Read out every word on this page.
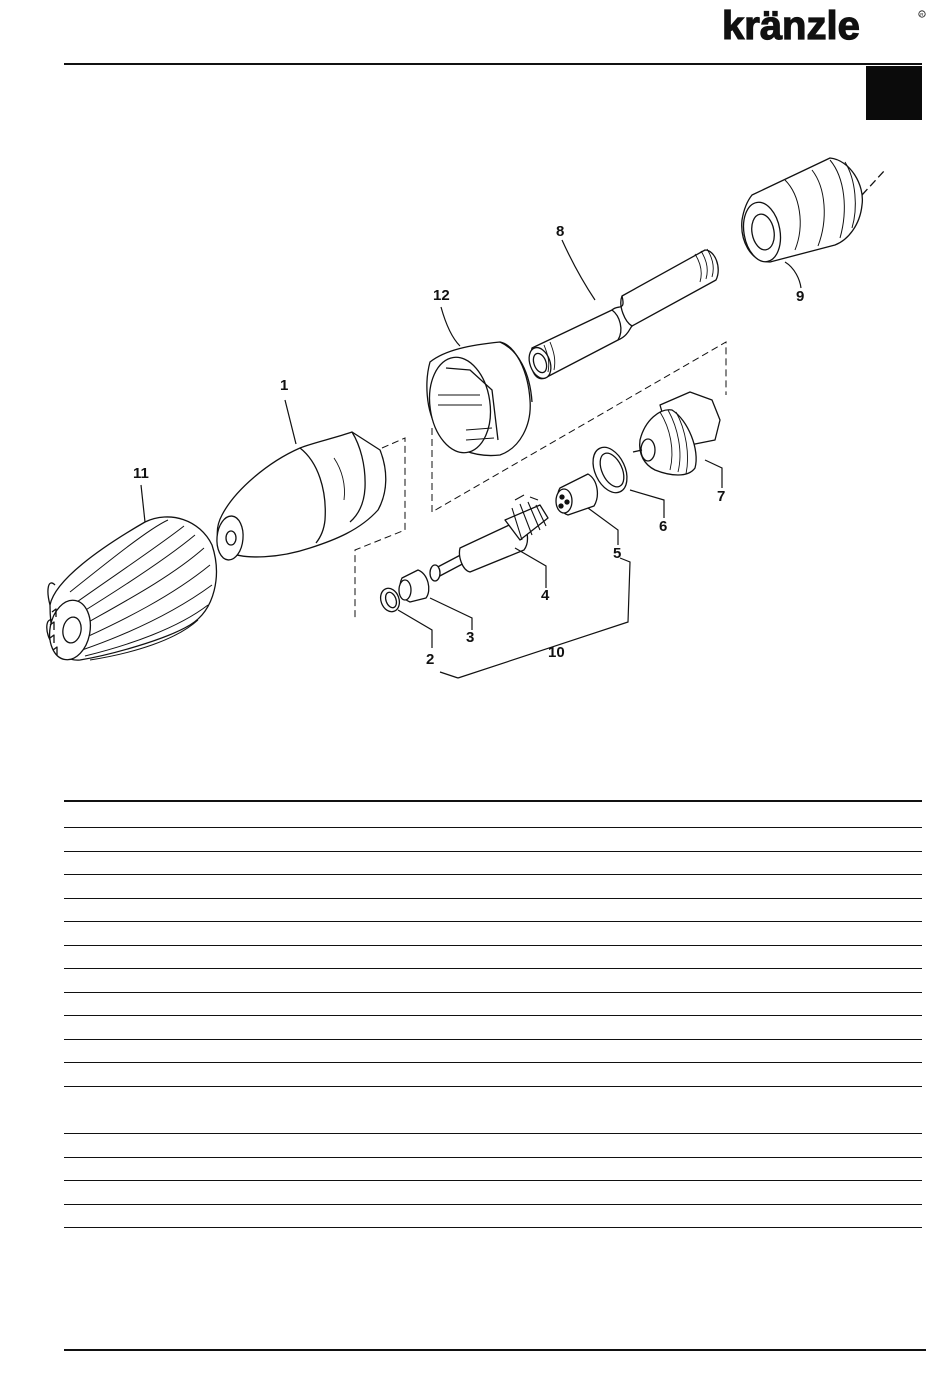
kränzle	R
11
1
12
8
9
7
6
5
4
3
2	10
